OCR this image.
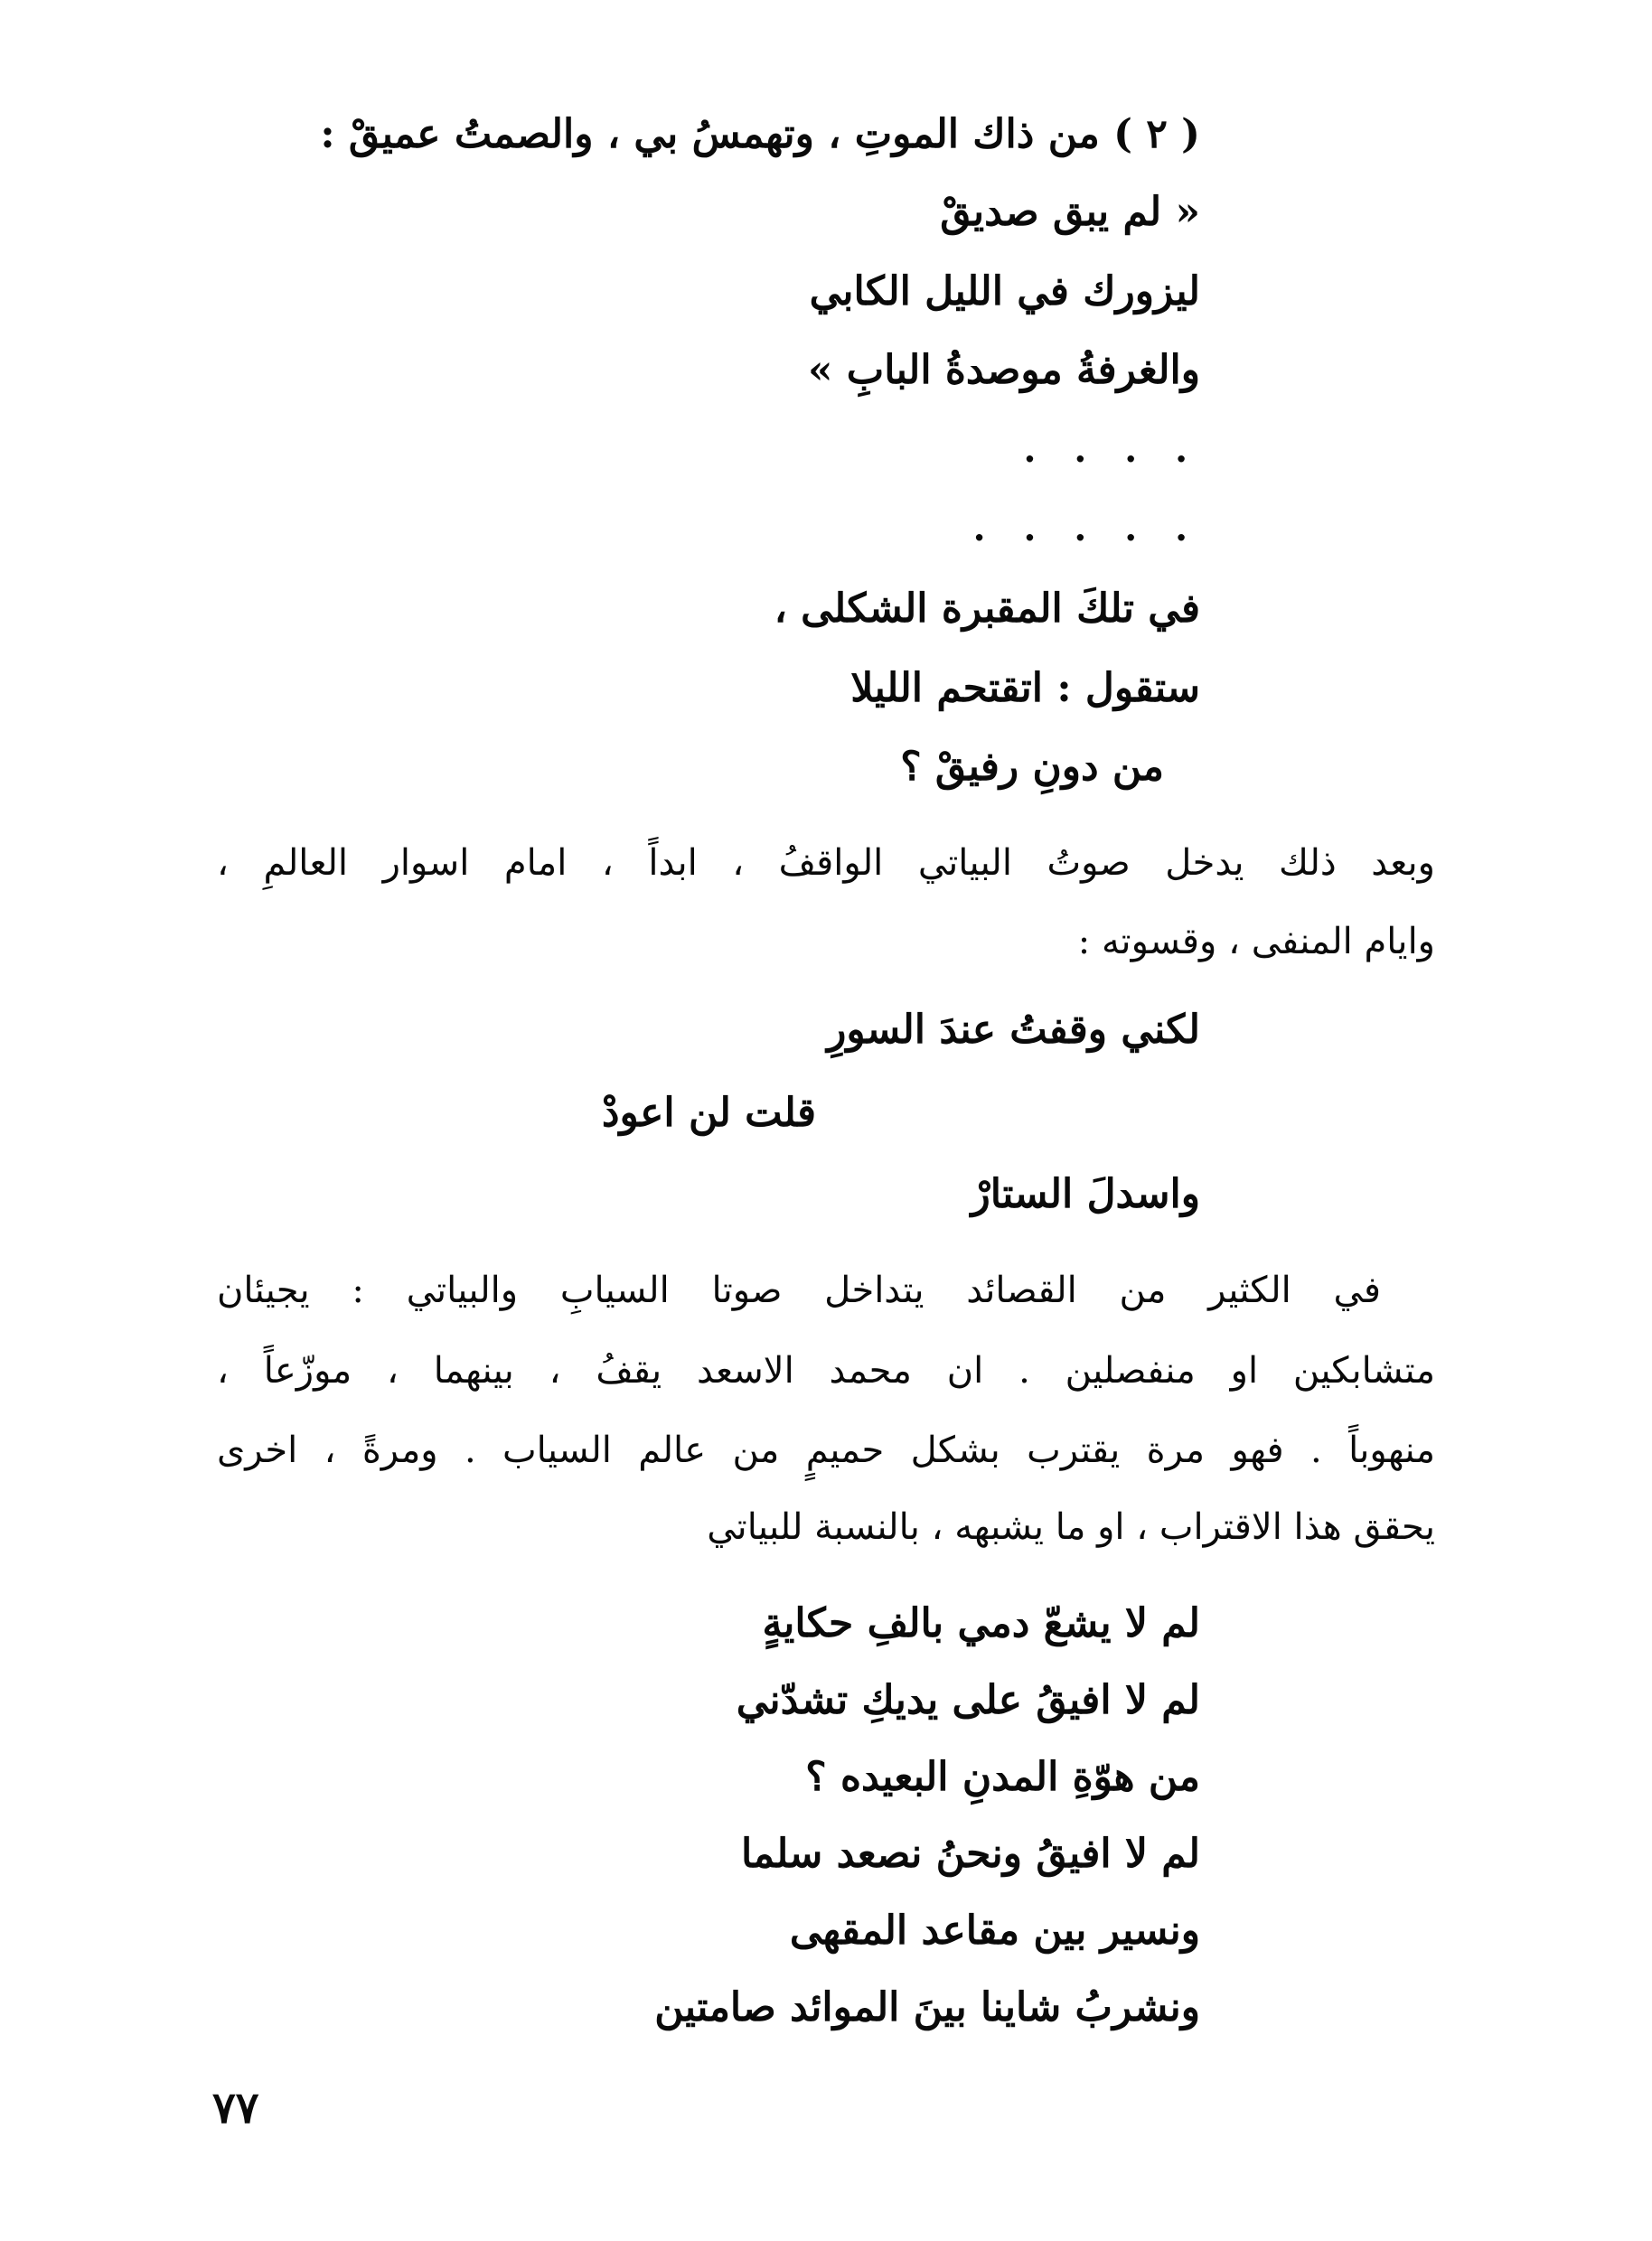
( ٢ ) من ذاك الموتِ ، وتهمسُ بي ، والصمتُ عميقْ :
« لم يبق صديقْ
ليزورك في الليل الكابي
والغرفةُ موصدةُ البابِ »
. . . .
. . . . .
في تلكَ المقبرة الشكلى ،
ستقول : اتقتحم الليلا
من دونِ رفيقْ ؟
وبعد ذلك يدخل صوتُ البياتي الواقفُ ، ابداً ، امام اسوار العالمِ ،
وايام المنفى ، وقسوته :
لكني وقفتُ عندَ السورِ
قلت لن اعودْ
واسدلَ الستارْ
في الكثير من القصائد يتداخل صوتا السيابِ والبياتي : يجيئان
متشابكين او منفصلين . ان محمد الاسعد يقفُ ، بينهما ، موزّعاً ،
منهوباً . فهو مرة يقترب بشكل حميمٍ من عالم السياب . ومرةً ، اخرى
يحقق هذا الاقتراب ، او ما يشبهه ، بالنسبة للبياتي
لم لا يشعّ دمي بالفِ حكايةٍ
لم لا افيقُ على يديكِ تشدّني
من هوّةِ المدنِ البعيده ؟
لم لا افيقُ ونحنُ نصعد سلما
ونسير بين مقاعد المقهى
ونشربُ شاينا بينَ الموائد صامتين
٧٧
